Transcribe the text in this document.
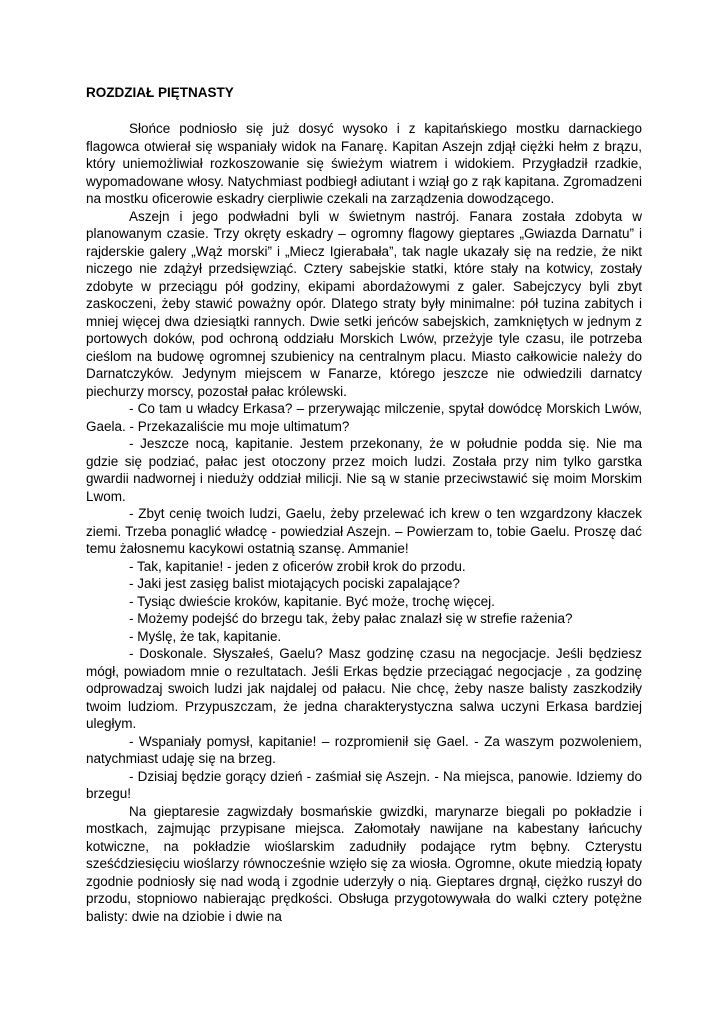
ROZDZIAŁ PIĘTNASTY

Słońce podniosło się już dosyć wysoko i z kapitańskiego mostku darnackiego flagowca otwierał się wspaniały widok na Fanarę. Kapitan Aszejn zdjął ciężki hełm z brązu, który uniemożliwiał rozkoszowanie się świeżym wiatrem i widokiem. Przygładził rzadkie, wypomadowane włosy. Natychmiast podbiegł adiutant i wziął go z rąk kapitana. Zgromadzeni na mostku oficerowie eskadry cierpliwie czekali na zarządzenia dowodzącego.

Aszejn i jego podwładni byli w świetnym nastrój. Fanara została zdobyta w planowanym czasie. Trzy okręty eskadry – ogromny flagowy gieptares „Gwiazda Darnatu” i rajderskie galery „Wąż morski” i „Miecz Igierabała”, tak nagle ukazały się na redzie, że nikt niczego nie zdążył przedsięwziąć. Cztery sabejskie statki, które stały na kotwicy, zostały zdobyte w przeciągu pół godziny, ekipami abordażowymi z galer. Sabejczycy byli zbyt zaskoczeni, żeby stawić poważny opór. Dlatego straty były minimalne: pół tuzina zabitych i mniej więcej dwa dziesiątki rannych. Dwie setki jeńców sabejskich, zamkniętych w jednym z portowych doków, pod ochroną oddziału Morskich Lwów, przeżyje tyle czasu, ile potrzeba cieślom na budowę ogromnej szubienicy na centralnym placu. Miasto całkowicie należy do Darnatczyków. Jedynym miejscem w Fanarze, którego jeszcze nie odwiedzili darnatcy piechurzy morscy, pozostał pałac królewski.

- Co tam u władcy Erkasa? – przerywając milczenie, spytał dowódcę Morskich Lwów, Gaela. - Przekazaliście mu moje ultimatum?

- Jeszcze nocą, kapitanie. Jestem przekonany, że w południe podda się. Nie ma gdzie się podziać, pałac jest otoczony przez moich ludzi. Została przy nim tylko garstka gwardii nadwornej i nieduży oddział milicji. Nie są w stanie przeciwstawić się moim Morskim Lwom.

- Zbyt cenię twoich ludzi, Gaelu, żeby przelewać ich krew o ten wzgardzony kłaczek ziemi. Trzeba ponaglić władcę - powiedział Aszejn. – Powierzam to, tobie Gaelu. Proszę dać temu żałosnemu kacykowi ostatnią szansę. Ammanie!

- Tak, kapitanie! - jeden z oficerów zrobił krok do przodu.

- Jaki jest zasięg balist miotających pociski zapalające?

- Tysiąc dwieście kroków, kapitanie. Być może, trochę więcej.

- Możemy podejść do brzegu tak, żeby pałac znalazł się w strefie rażenia?

- Myślę, że tak, kapitanie.

- Doskonale. Słyszałeś, Gaelu? Masz godzinę czasu na negocjacje. Jeśli będziesz mógł, powiadom mnie o rezultatach. Jeśli Erkas będzie przeciągać negocjacje , za godzinę odprowadzaj swoich ludzi jak najdalej od pałacu. Nie chcę, żeby nasze balisty zaszkodziły twoim ludziom. Przypuszczam, że jedna charakterystyczna salwa uczyni Erkasa bardziej uległym.

- Wspaniały pomysł, kapitanie! – rozpromienił się Gael. - Za waszym pozwoleniem, natychmiast udaję się na brzeg.

- Dzisiaj będzie gorący dzień - zaśmiał się Aszejn. - Na miejsca, panowie. Idziemy do brzegu!

Na gieptaresie zagwizdały bosmańskie gwizdki, marynarze biegali po pokładzie i mostkach, zajmując przypisane miejsca. Załomotały nawijane na kabestany łańcuchy kotwiczne, na pokładzie wioślarskim zadudniły podające rytm bębny. Czterystu sześćdziesięciu wioślarzy równocześnie wzięło się za wiosła. Ogromne, okute miedzią łopaty zgodnie podniosły się nad wodą i zgodnie uderzyły o nią. Gieptares drgnął, ciężko ruszył do przodu, stopniowo nabierając prędkości. Obsługa przygotowywała do walki cztery potężne balisty: dwie na dziobie i dwie na
